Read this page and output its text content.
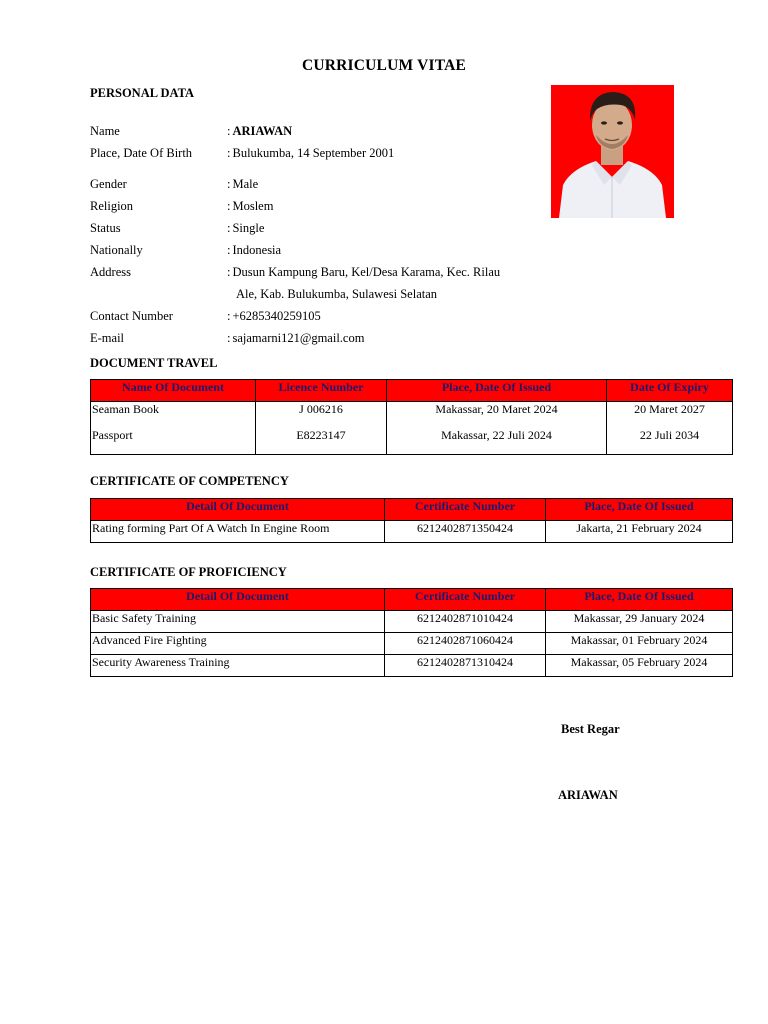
CURRICULUM VITAE
PERSONAL DATA
Name	: ARIAWAN
Place, Date Of Birth	: Bulukumba, 14 September 2001
Gender	: Male
Religion	: Moslem
Status	: Single
Nationally	: Indonesia
Address	: Dusun Kampung Baru, Kel/Desa Karama, Kec. Rilau
Ale, Kab. Bulukumba, Sulawesi Selatan
Contact Number	: +6285340259105
E-mail	: sajamarni121@gmail.com
DOCUMENT TRAVEL
Name Of Document	Licence Number	Place, Date Of Issued	Date Of Expiry
Seaman Book	J 006216	Makassar, 20 Maret 2024	20 Maret 2027
Passport	E8223147	Makassar, 22 Juli 2024	22 Juli 2034
CERTIFICATE OF COMPETENCY
Detail Of Document	Certificate Number	Place, Date Of Issued
Rating forming Part Of A Watch In Engine Room	6212402871350424	Jakarta, 21 February 2024
CERTIFICATE OF PROFICIENCY
Detail Of Document	Certificate Number	Place, Date Of Issued
Basic Safety Training	6212402871010424	Makassar, 29 January 2024
Advanced Fire Fighting	6212402871060424	Makassar, 01 February 2024
Security Awareness Training	6212402871310424	Makassar, 05 February 2024
Best Regar
ARIAWAN
